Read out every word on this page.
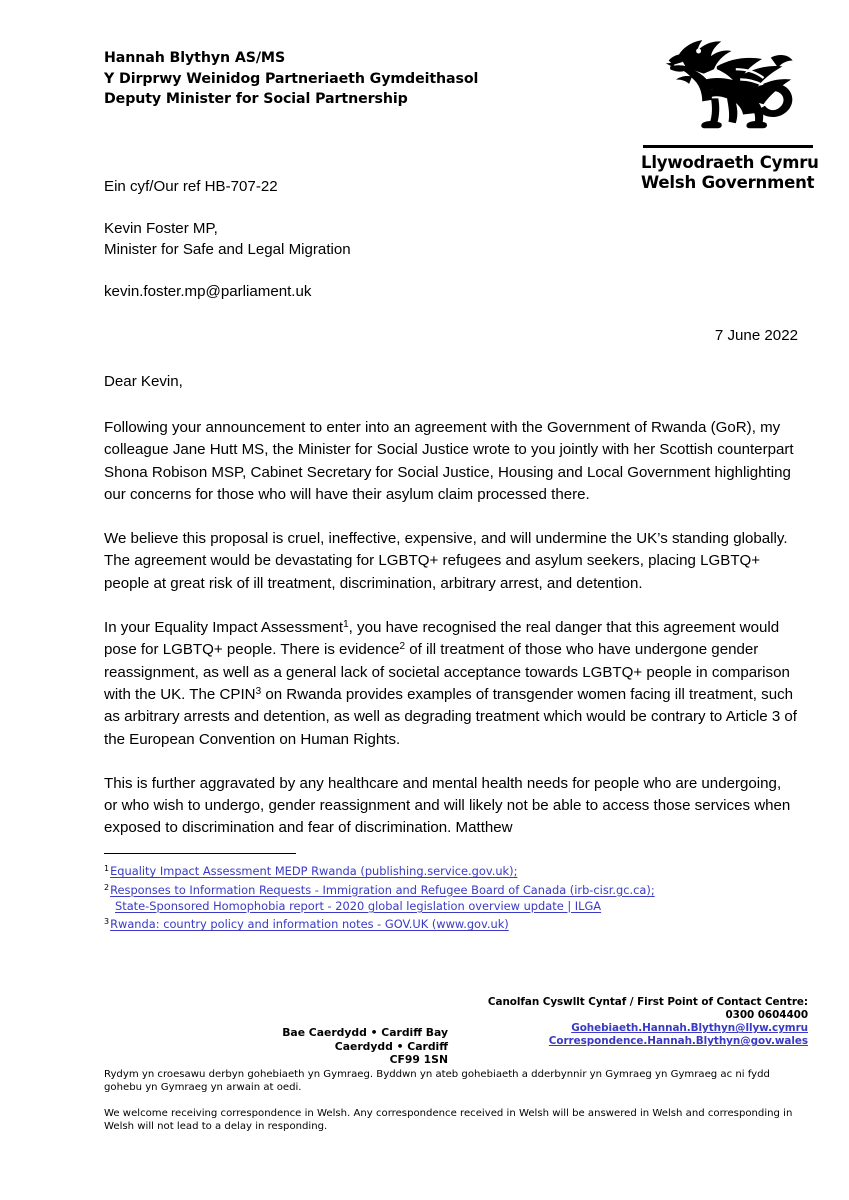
Hannah Blythyn AS/MS
Y Dirprwy Weinidog Partneriaeth Gymdeithasol
Deputy Minister for Social Partnership
Llywodraeth Cymru
Welsh Government
Ein cyf/Our ref HB-707-22
Kevin Foster MP,
Minister for Safe and Legal Migration
kevin.foster.mp@parliament.uk
7 June 2022
Dear Kevin,

Following your announcement to enter into an agreement with the Government of Rwanda (GoR), my colleague Jane Hutt MS, the Minister for Social Justice wrote to you jointly with her Scottish counterpart Shona Robison MSP, Cabinet Secretary for Social Justice, Housing and Local Government highlighting our concerns for those who will have their asylum claim processed there.

We believe this proposal is cruel, ineffective, expensive, and will undermine the UK’s standing globally. The agreement would be devastating for LGBTQ+ refugees and asylum seekers, placing LGBTQ+ people at great risk of ill treatment, discrimination, arbitrary arrest, and detention.

In your Equality Impact Assessment$^1$, you have recognised the real danger that this agreement would pose for LGBTQ+ people. There is evidence$^2$ of ill treatment of those who have undergone gender reassignment, as well as a general lack of societal acceptance towards LGBTQ+ people in comparison with the UK. The CPIN$^3$ on Rwanda provides examples of transgender women facing ill treatment, such as arbitrary arrests and detention, as well as degrading treatment which would be contrary to Article 3 of the European Convention on Human Rights.

This is further aggravated by any healthcare and mental health needs for people who are undergoing, or who wish to undergo, gender reassignment and will likely not be able to access those services when exposed to discrimination and fear of discrimination. Matthew

$^1$Equality Impact Assessment MEDP Rwanda (publishing.service.gov.uk);
$^2$Responses to Information Requests - Immigration and Refugee Board of Canada (irb-cisr.gc.ca);
State-Sponsored Homophobia report - 2020 global legislation overview update | ILGA
$^3$Rwanda: country policy and information notes - GOV.UK (www.gov.uk)
Canolfan Cyswllt Cyntaf / First Point of Contact Centre:
0300 0604400
Gohebiaeth.Hannah.Blythyn@llyw.cymru
Correspondence.Hannah.Blythyn@gov.wales
Bae Caerdydd • Cardiff Bay
Caerdydd • Cardiff
CF99 1SN

Rydym yn croesawu derbyn gohebiaeth yn Gymraeg. Byddwn yn ateb gohebiaeth a dderbynnir yn Gymraeg yn Gymraeg ac ni fydd gohebu yn Gymraeg yn arwain at oedi.

We welcome receiving correspondence in Welsh. Any correspondence received in Welsh will be answered in Welsh and corresponding in Welsh will not lead to a delay in responding.
